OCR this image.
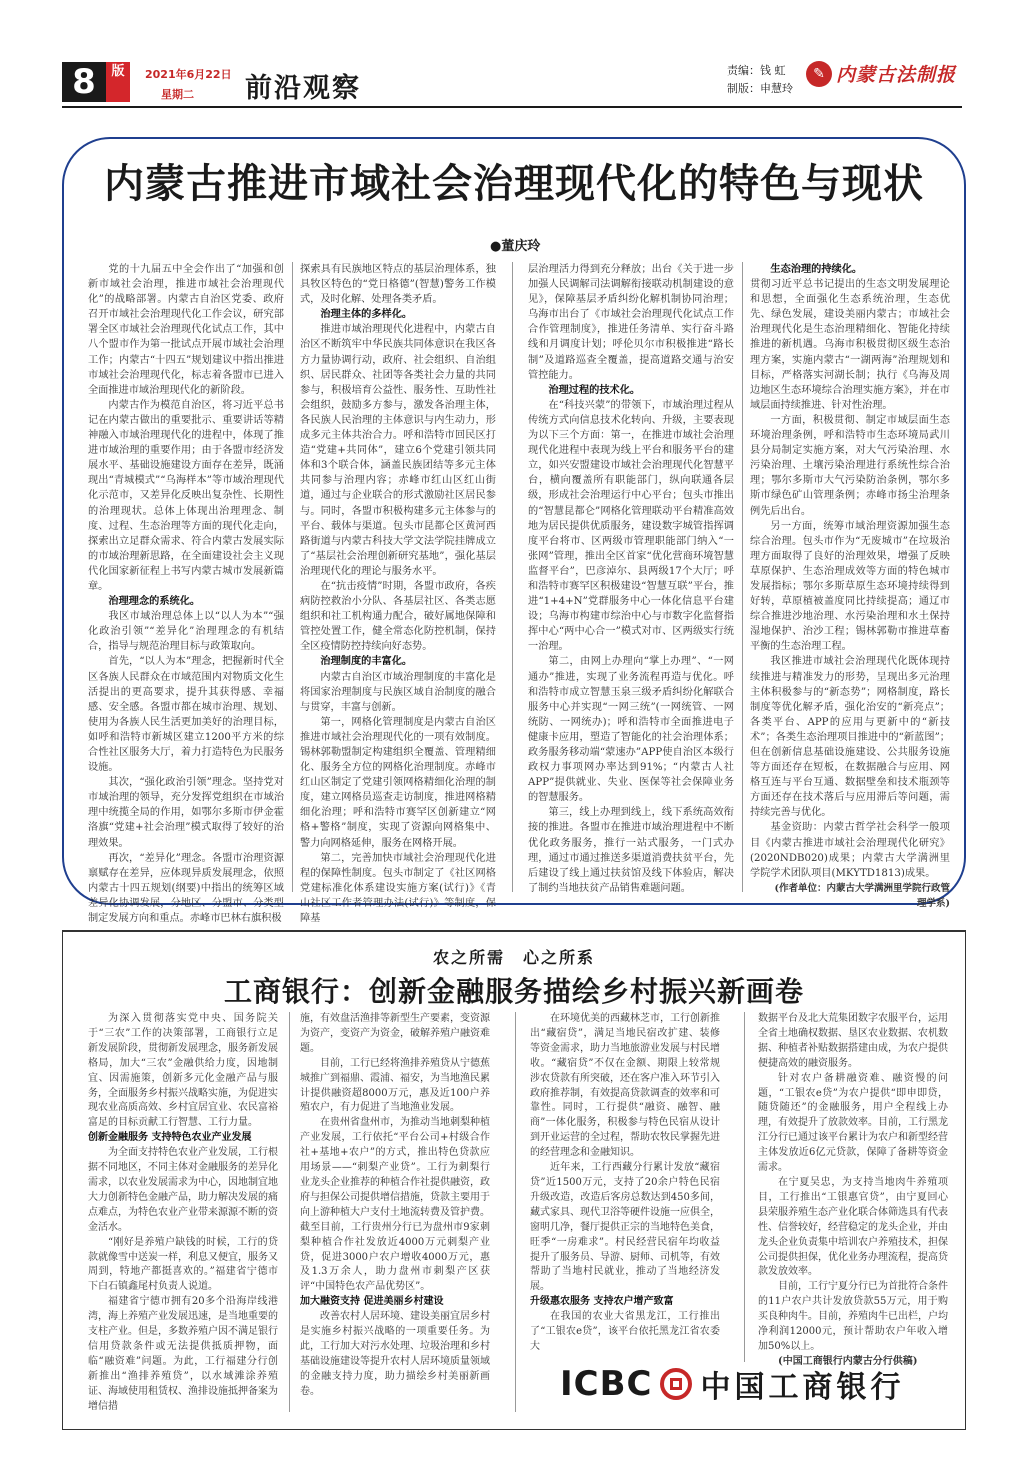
8	版	2021年6月22日
星期二 前沿观察
责编：钱 虹
制版：申慧玲
✎ 内蒙古法制报
内蒙古推进市域社会治理现代化的特色与现状
●董庆玲

党的十九届五中全会作出了“加强和创新市域社会治理，推进市域社会治理现代化”的战略部署。内蒙古自治区党委、政府召开市域社会治理现代化工作会议，研究部署全区市域社会治理现代化试点工作，其中八个盟市作为第一批试点开展市域社会治理工作；内蒙古“十四五”规划建议中指出推进市域社会治理现代化，标志着各盟市已进入全面推进市域治理现代化的新阶段。

内蒙古作为模范自治区，将习近平总书记在内蒙古做出的重要批示、重要讲话等精神融入市域治理现代化的进程中，体现了推进市域治理的重要作用；由于各盟市经济发展水平、基础设施建设方面存在差异，既涌现出“青城模式”“乌海样本”等市域治理现代化示范市，又差异化反映出复杂性、长期性的治理现状。总体上体现出治理理念、制度、过程、生态治理等方面的现代化走向，探索出立足群众需求、符合内蒙古发展实际的市域治理新思路，在全面建设社会主义现代化国家新征程上书写内蒙古城市发展新篇章。

治理理念的系统化。

我区市域治理总体上以“以人为本”“强化政治引领”“差异化”治理理念的有机结合，指导与规范治理目标与政策取向。

首先，“以人为本”理念，把握新时代全区各族人民群众在市域范围内对物质文化生活提出的更高要求，提升其获得感、幸福感、安全感。各盟市都在城市治理、规划、使用为各族人民生活更加美好的治理目标，如呼和浩特市新城区建立1200平方米的综合性社区服务大厅，着力打造特色为民服务设施。

其次，“强化政治引领”理念。坚持党对市域治理的领导，充分发挥党组织在市域治理中统揽全局的作用，如鄂尔多斯市伊金霍洛旗“党建+社会治理”模式取得了较好的治理效果。

再次，“差异化”理念。各盟市治理资源禀赋存在差异，应体现异质发展理念，依照内蒙古十四五规划(纲要)中指出的统筹区域差异化协调发展，分地区、分盟市、分类型制定发展方向和重点。赤峰市巴林右旗积极

探索具有民族地区特点的基层治理体系，独具牧区特色的“党日格德”(智慧)警务工作模式，及时化解、处理各类矛盾。

治理主体的多样化。

推进市域治理现代化进程中，内蒙古自治区不断筑牢中华民族共同体意识在我区各方力量协调行动，政府、社会组织、自治组织、居民群众、社团等各类社会力量的共同参与，积极培育公益性、服务性、互助性社会组织，鼓励多方参与，激发各治理主体，各民族人民治理的主体意识与内生动力，形成多元主体共治合力。呼和浩特市回民区打造“党建+共同体”，建立6个党建引领共同体和3个联合体，涵盖民族团结等多元主体共同参与治理内容；赤峰市红山区红山街道，通过与企业联合的形式激励社区居民参与。同时，各盟市积极构建多元主体参与的平台、载体与渠道。包头市昆都仑区黄河西路街道与内蒙古科技大学文法学院挂牌成立了“基层社会治理创新研究基地”，强化基层治理现代化的理论与服务水平。

在“抗击疫情”时期，各盟市政府，各疾病防控救治小分队、各基层社区、各类志愿组织和社工机构通力配合，破好属地保障和管控处置工作，健全常态化防控机制，保持全区疫情防控持续向好态势。

治理制度的丰富化。

内蒙古自治区市域治理制度的丰富化是将国家治理制度与民族区域自治制度的融合与贯穿，丰富与创新。

第一，网格化管理制度是内蒙古自治区推进市域社会治理现代化的一项有效制度。锡林郭勒盟制定构建组织全覆盖、管理精细化、服务全方位的网格化治理制度。赤峰市红山区制定了党建引领网格精细化治理的制度，建立网格员巡查走访制度，推进网格精细化治理；呼和浩特市赛罕区创新建立“网格+警格”制度，实现了资源向网格集中、警力向网格延伸，服务在网格开展。

第二，完善加快市域社会治理现代化进程的保障性制度。包头市制定了《社区网格党建标准化体系建设实施方案(试行)》《青山社区工作者管理办法(试行)》等制度，保障基

层治理活力得到充分释放；出台《关于进一步加强人民调解司法调解衔接联动机制建设的意见》，保障基层矛盾纠纷化解机制协同治理；乌海市出台了《市域社会治理现代化试点工作合作管理制度》，推进任务清单、实行奋斗路线和月调度计划；呼伦贝尔市积极推进“路长制”及道路巡查全覆盖，提高道路交通与治安管控能力。

治理过程的技术化。

在“科技兴蒙”的带领下，市域治理过程从传统方式向信息技术化转向、升级，主要表现为以下三个方面：第一，在推进市域社会治理现代化进程中表现为线上平台和服务平台的建立，如兴安盟建设市域社会治理现代化智慧平台，横向覆盖所有职能部门，纵向联通各层级，形成社会治理运行中心平台；包头市推出的“智慧昆都仑”网格化管理联动平台精准高效地为居民提供优质服务，建设数字城管指挥调度平台将市、区两级市管理职能部门纳入“一张网”管理，推出全区首家“优化营商环境智慧监督平台”，巴彦淖尔、县两级17个大厅；呼和浩特市赛罕区积极建设“智慧互联”平台，推进“1+4+N”党群服务中心一体化信息平台建设；乌海市构建市综治中心与市数字化监督指挥中心“两中心合一”模式对市、区两级实行统一治理。

第二，由网上办理向“掌上办理”、“一网通办”推进，实现了业务流程再造与优化。呼和浩特市成立智慧玉泉三级矛盾纠纷化解联合服务中心并实现“一网三统”(一网统管、一网统防、一网统办)；呼和浩特市全面推进电子健康卡应用，塑造了智能化的社会治理体系；政务服务移动端“蒙速办”APP使自治区本级行政权力事项网办率达到91%；“内蒙古人社APP”提供就业、失业、医保等社会保障业务的智慧服务。

第三，线上办理到线上，线下系统高效衔接的推进。各盟市在推进市域治理进程中不断优化政务服务，推行一站式服务，一门式办理，通过市通过推送多渠道消费扶贫平台，先后建设了线上通过扶贫馆及线下体验店，解决了制约当地扶贫产品销售难题问题。

生态治理的持续化。

贯彻习近平总书记提出的生态文明发展理论和思想，全面强化生态系统治理，生态优先、绿色发展，建设美丽内蒙古；市域社会治理现代化是生态治理精细化、智能化持续推进的新机遇。乌海市积极贯彻区级生态治理方案，实施内蒙古“一湖两海”治理规划和目标，严格落实河湖长制；执行《乌海及周边地区生态环境综合治理实施方案》，并在市域层面持续推进、针对性治理。

一方面，积极贯彻、制定市域层面生态环境治理条例，呼和浩特市生态环境局武川县分局制定实施方案，对大气污染治理、水污染治理、土壤污染治理进行系统性综合治理；鄂尔多斯市大气污染防治条例，鄂尔多斯市绿色矿山管理条例；赤峰市扬尘治理条例先后出台。

另一方面，统筹市域治理资源加强生态综合治理。包头市作为“无废城市”在垃圾治理方面取得了良好的治理效果，增强了反映草原保护、生态治理成效等方面的特色城市发展指标；鄂尔多斯草原生态环境持续得到好转，草原植被盖度同比持续提高；通辽市综合推进沙地治理、水污染治理和水土保持湿地保护、治沙工程；锡林郭勒市推进草畜平衡的生态治理工程。

我区推进市域社会治理现代化既体现持续推进与精准发力的形势，呈现出多元治理主体积极参与的“新态势”；网格制度，路长制度等优化解矛盾，强化治安的“新亮点”；各类平台、APP的应用与更新中的“新技术”；各类生态治理项目推进中的“新蓝图”；但在创新信息基础设施建设、公共服务设施等方面还存在短板，在数据融合与应用、网格互连与平台互通、数据壁垒和技术瓶颈等方面还存在技术落后与应用滞后等问题，需持续完善与优化。

基金资助：内蒙古哲学社会科学一般项目《内蒙古推进市域社会治理现代化研究》(2020NDB020)成果；内蒙古大学满洲里学院学术团队项目(MKYTD1813)成果。

(作者单位：内蒙古大学满洲里学院行政管理学系)

农之所需　心之所系
工商银行：创新金融服务描绘乡村振兴新画卷

为深入贯彻落实党中央、国务院关于“三农”工作的决策部署，工商银行立足新发展阶段，贯彻新发展理念，服务新发展格局，加大“三农”金融供给力度，因地制宜、因需施策，创新多元化金融产品与服务，全面服务乡村振兴战略实施，为促进实现农业高质高效、乡村宜居宜业、农民富裕富足的目标贡献工行智慧、工行力量。

创新金融服务 支持特色农业产业发展

为全面支持特色农业产业发展，工行根据不同地区，不同主体对金融服务的差异化需求，以农业发展需求为中心，因地制宜地大力创新特色金融产品，助力解决发展的痛点难点，为特色农业产业带来源源不断的资金活水。

“刚好是养殖户缺钱的时候，工行的贷款就像雪中送炭一样，利息又便宜，服务又周到，特地产都挺喜欢的。”福建省宁德市下白石镇鑫尾村负责人说道。

福建省宁德市拥有20多个沿海岸线港湾，海上养殖产业发展迅速，是当地重要的支柱产业。但是，多数养殖户因不满足银行信用贷款条件或无法提供抵质押物，面临“融资难”问题。为此，工行福建分行创新推出“渔排养殖贷”，以水域滩涂养殖证、海域使用租赁权、渔排设施抵押备案为增信措

施，有效盘活渔排等新型生产要素，变资源为资产，变资产为资金，破解养殖户融资难题。

目前，工行已经将渔排养殖贷从宁德蕉城推广到福鼎、霞浦、福安，为当地渔民累计提供融资超8000万元，惠及近100户养殖农户，有力促进了当地渔业发展。

在贵州省盘州市，为推动当地刺梨种植产业发展，工行依托“平台公司+村级合作社+基地+农户”的方式，推出特色贷款应用场景——“刺梨产业贷”。工行为刺梨行业龙头企业推荐的种植合作社提供融资，政府与担保公司提供增信措施，贷款主要用于向上游种植大户支付土地流转费及管护费。截至目前，工行贵州分行已为盘州市9家刺梨种植合作社发放近4000万元刺梨产业贷，促进3000户农户增收4000万元，惠及1.3万余人，助力盘州市刺梨产区获评“中国特色农产品优势区”。

加大融资支持 促进美丽乡村建设

改善农村人居环境、建设美丽宜居乡村是实施乡村振兴战略的一项重要任务。为此，工行加大对污水处理、垃圾治理和乡村基础设施建设等提升农村人居环境质量领域的金融支持力度，助力描绘乡村美丽新画卷。

在环境优美的西藏林芝市，工行创新推出“藏宿贷”，满足当地民宿改扩建、装修等资金需求，助力当地旅游业发展与村民增收。“藏宿贷”不仅在金额、期限上较常规涉农贷款有所突破，还在客户准入环节引入政府推荐制，有效提高贷款调查的效率和可靠性。同时，工行提供“融资、融智、融商”一体化服务，积极参与特色民宿从设计到开业运营的全过程，帮助农牧民掌握先进的经营理念和金融知识。

近年来，工行西藏分行累计发放“藏宿贷”近1500万元，支持了20余户特色民宿升级改造，改造后客房总数达到450多间，藏式家具、现代卫浴等硬件设施一应俱全，窗明几净，餐厅提供正宗的当地特色美食，旺季“一房难求”。村民经营民宿年均收益提升了服务员、导游、厨师、司机等，有效帮助了当地村民就业，推动了当地经济发展。

升级惠农服务 支持农户增产致富

在我国的农业大省黑龙江，工行推出了“工银农e贷”，该平台依托黑龙江省农委大

数据平台及北大荒集团数字农服平台，运用全省土地确权数据、垦区农业数据、农机数据、种植者补贴数据搭建由成，为农户提供便捷高效的融资服务。

针对农户备耕融资难、融资慢的问题，“工银农e贷”为农户提供“即申即贷，随贷随还”的金融服务，用户全程线上办理，有效提升了放款效率。目前，工行黑龙江分行已通过该平台累计为农户和新型经营主体发放近6亿元贷款，保障了备耕等资金需求。

在宁夏吴忠，为支持当地肉牛养殖项目，工行推出“工银惠官贷”，由宁夏回心县荣服养殖生态产业化联合体筛选具有代表性、信誉较好，经营稳定的龙头企业，并由龙头企业负责集中培训农户养殖技术，担保公司提供担保，优化业务办理流程，提高贷款发放效率。

目前，工行宁夏分行已为首批符合条件的11户农户共计发放贷款55万元，用于购买良种肉牛。目前，养殖肉牛已出栏，户均净利润12000元，预计帮助农户年收入增加50%以上。

(中国工商银行内蒙古分行供稿)

ICBC 中国工商银行
